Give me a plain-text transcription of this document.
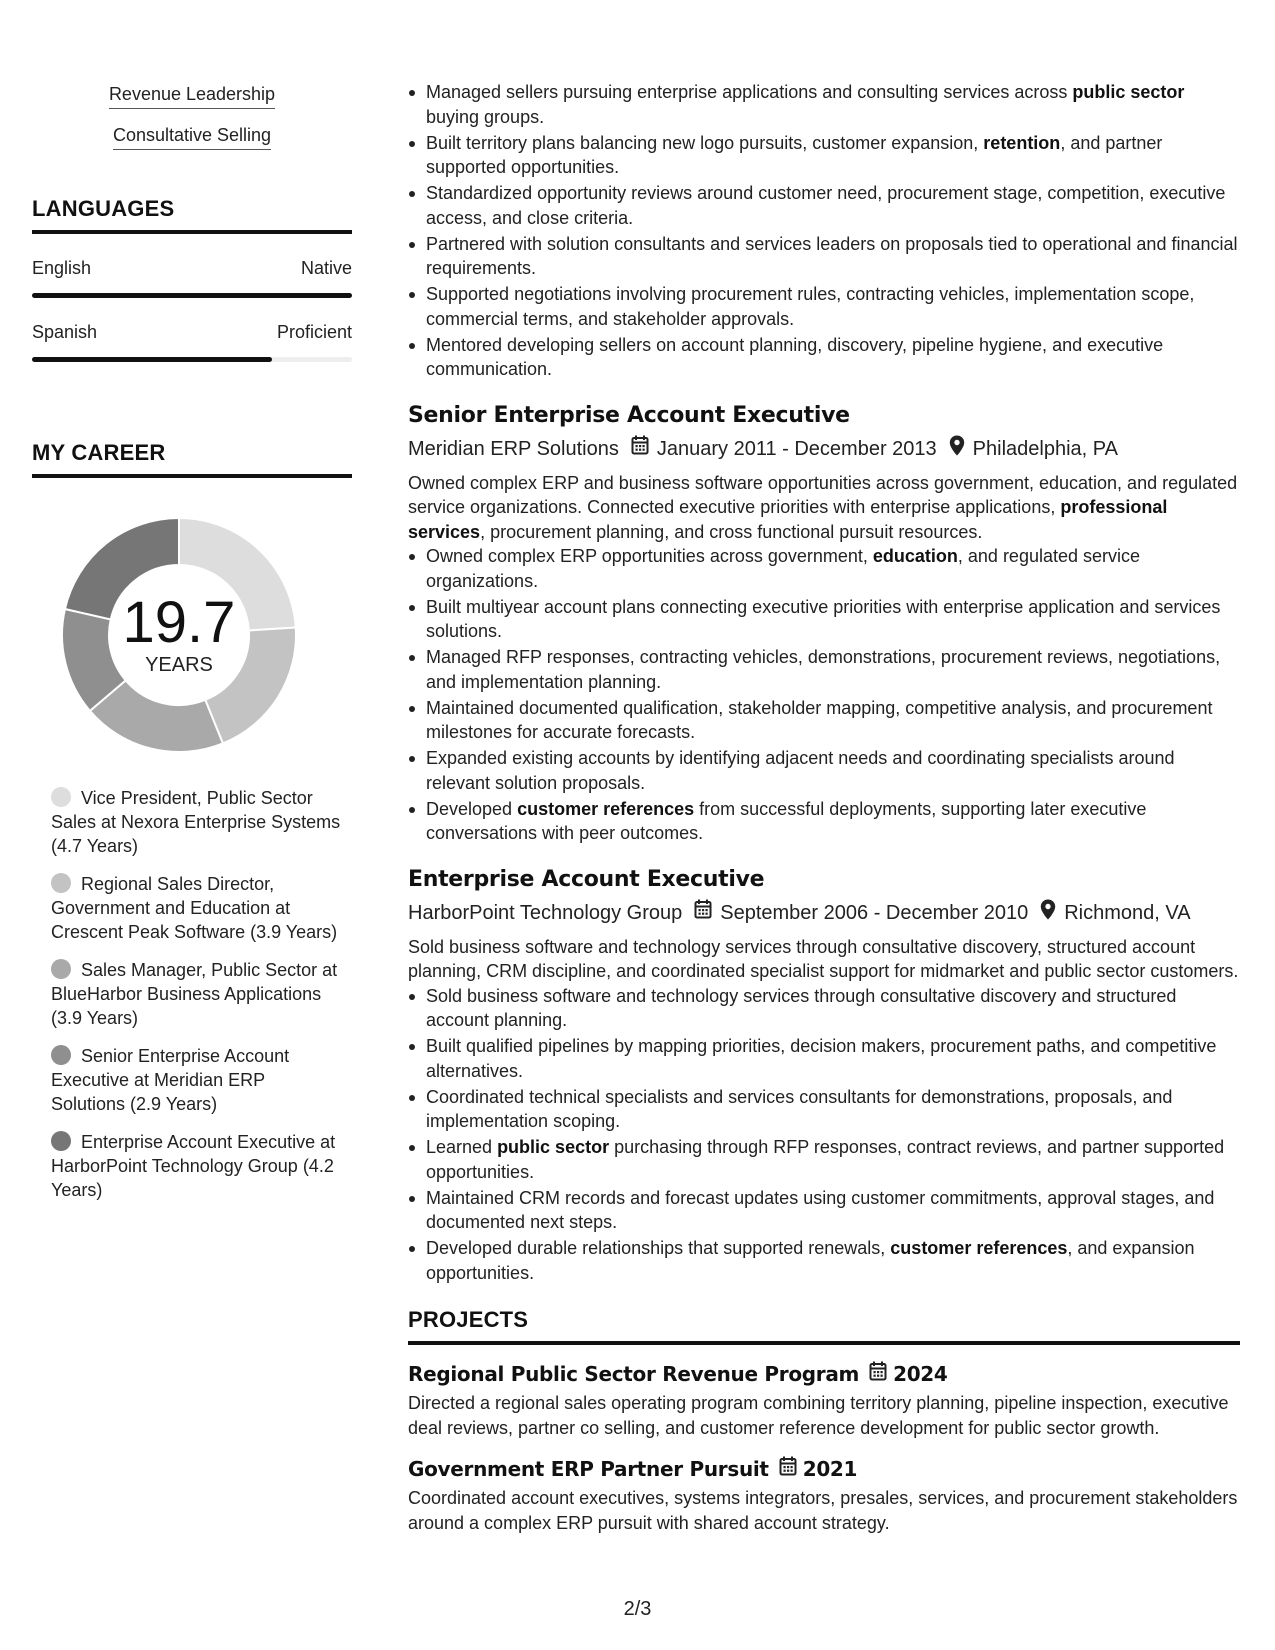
Revenue Leadership
Consultative Selling
LANGUAGES
English	Native
Spanish	Proficient
MY CAREER
19.7
YEARS
Vice President, Public Sector Sales at Nexora Enterprise Systems (4.7 Years)
Regional Sales Director, Government and Education at Crescent Peak Software (3.9 Years)
Sales Manager, Public Sector at BlueHarbor Business Applications (3.9 Years)
Senior Enterprise Account Executive at Meridian ERP Solutions (2.9 Years)
Enterprise Account Executive at HarborPoint Technology Group (4.2 Years)
Managed sellers pursuing enterprise applications and consulting services across public sector buying groups.
Built territory plans balancing new logo pursuits, customer expansion, retention, and partner supported opportunities.
Standardized opportunity reviews around customer need, procurement stage, competition, executive access, and close criteria.
Partnered with solution consultants and services leaders on proposals tied to operational and financial requirements.
Supported negotiations involving procurement rules, contracting vehicles, implementation scope, commercial terms, and stakeholder approvals.
Mentored developing sellers on account planning, discovery, pipeline hygiene, and executive communication.
Senior Enterprise Account Executive
Meridian ERP Solutions January 2011 - December 2013 Philadelphia, PA
Owned complex ERP and business software opportunities across government, education, and regulated service organizations. Connected executive priorities with enterprise applications, professional services, procurement planning, and cross functional pursuit resources.
Owned complex ERP opportunities across government, education, and regulated service organizations.
Built multiyear account plans connecting executive priorities with enterprise application and services solutions.
Managed RFP responses, contracting vehicles, demonstrations, procurement reviews, negotiations, and implementation planning.
Maintained documented qualification, stakeholder mapping, competitive analysis, and procurement milestones for accurate forecasts.
Expanded existing accounts by identifying adjacent needs and coordinating specialists around relevant solution proposals.
Developed customer references from successful deployments, supporting later executive conversations with peer outcomes.
Enterprise Account Executive
HarborPoint Technology Group September 2006 - December 2010 Richmond, VA
Sold business software and technology services through consultative discovery, structured account planning, CRM discipline, and coordinated specialist support for midmarket and public sector customers.
Sold business software and technology services through consultative discovery and structured account planning.
Built qualified pipelines by mapping priorities, decision makers, procurement paths, and competitive alternatives.
Coordinated technical specialists and services consultants for demonstrations, proposals, and implementation scoping.
Learned public sector purchasing through RFP responses, contract reviews, and partner supported opportunities.
Maintained CRM records and forecast updates using customer commitments, approval stages, and documented next steps.
Developed durable relationships that supported renewals, customer references, and expansion opportunities.
PROJECTS
Regional Public Sector Revenue Program 2024
Directed a regional sales operating program combining territory planning, pipeline inspection, executive deal reviews, partner co selling, and customer reference development for public sector growth.
Government ERP Partner Pursuit 2021
Coordinated account executives, systems integrators, presales, services, and procurement stakeholders around a complex ERP pursuit with shared account strategy.
2/3
